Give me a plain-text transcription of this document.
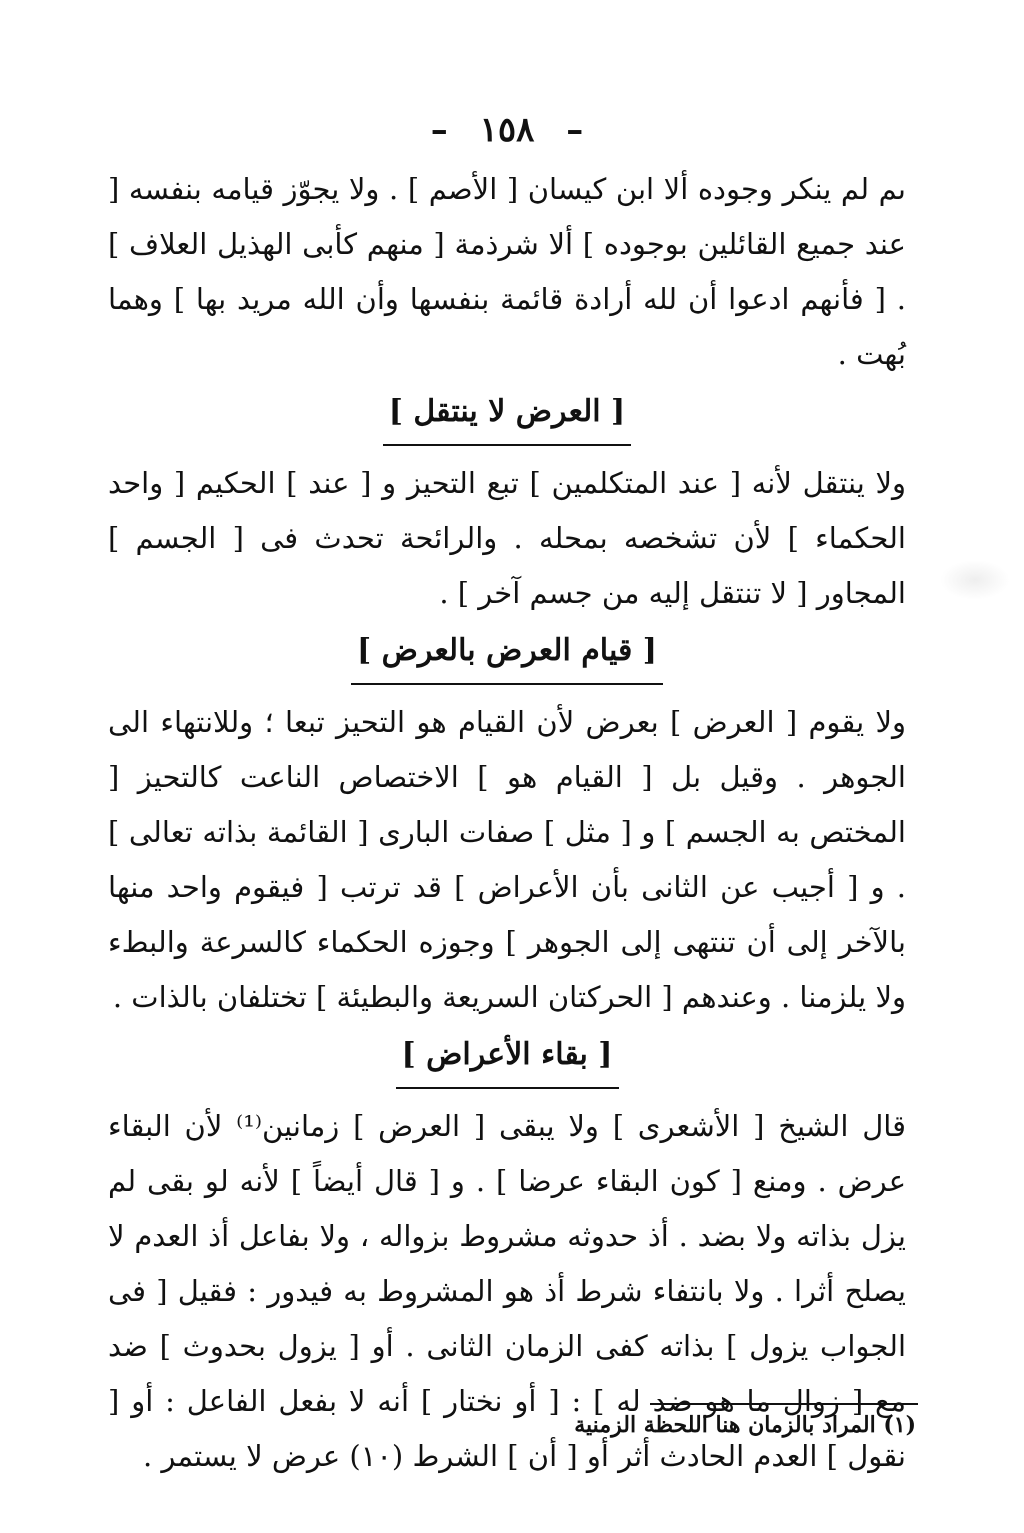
– ١٥٨ –

ىم لم ينكر وجوده ألا ابن كيسان [ الأصم ] . ولا يجوّز قيامه بنفسه [ عند جميع القائلين بوجوده ] ألا شرذمة [ منهم كأبى الهذيل العلاف ] . [ فأنهم ادعوا أن لله أرادة قائمة بنفسها وأن الله مريد بها ] وهما بُهت .

[ العرض لا ينتقل ]

ولا ينتقل لأنه [ عند المتكلمين ] تبع التحيز و [ عند ] الحكيم [ واحد الحكماء ] لأن تشخصه بمحله . والرائحة تحدث فى [ الجسم ] المجاور [ لا تنتقل إليه من جسم آخر ] .

[ قيام العرض بالعرض ]

ولا يقوم [ العرض ] بعرض لأن القيام هو التحيز تبعا ؛ وللانتهاء الى الجوهر . وقيل بل [ القيام هو ] الاختصاص الناعت كالتحيز [ المختص به الجسم ] و [ مثل ] صفات البارى [ القائمة بذاته تعالى ] . و [ أجيب عن الثانى بأن الأعراض ] قد ترتب [ فيقوم واحد منها بالآخر إلى أن تنتهى إلى الجوهر ] وجوزه الحكماء كالسرعة والبطء ولا يلزمنا . وعندهم [ الحركتان السريعة والبطيئة ] تختلفان بالذات .

[ بقاء الأعراض ]

قال الشيخ [ الأشعرى ] ولا يبقى [ العرض ] زمانين⁽¹⁾ لأن البقاء عرض . ومنع [ كون البقاء عرضا ] . و [ قال أيضاً ] لأنه لو بقى لم يزل بذاته ولا بضد . أذ حدوثه مشروط بزواله ، ولا بفاعل أذ العدم لا يصلح أثرا . ولا بانتفاء شرط أذ هو المشروط به فيدور : فقيل [ فى الجواب يزول ] بذاته كفى الزمان الثانى . أو [ يزول بحدوث ] ضد مع [ زوال ما هو ضد له ] : [ أو نختار ] أنه لا بفعل الفاعل : أو [ نقول ] العدم الحادث أثر أو [ أن ] الشرط (١٠) عرض لا يستمر .

(١) المراد بالزمان هنا اللحظة الزمنية
